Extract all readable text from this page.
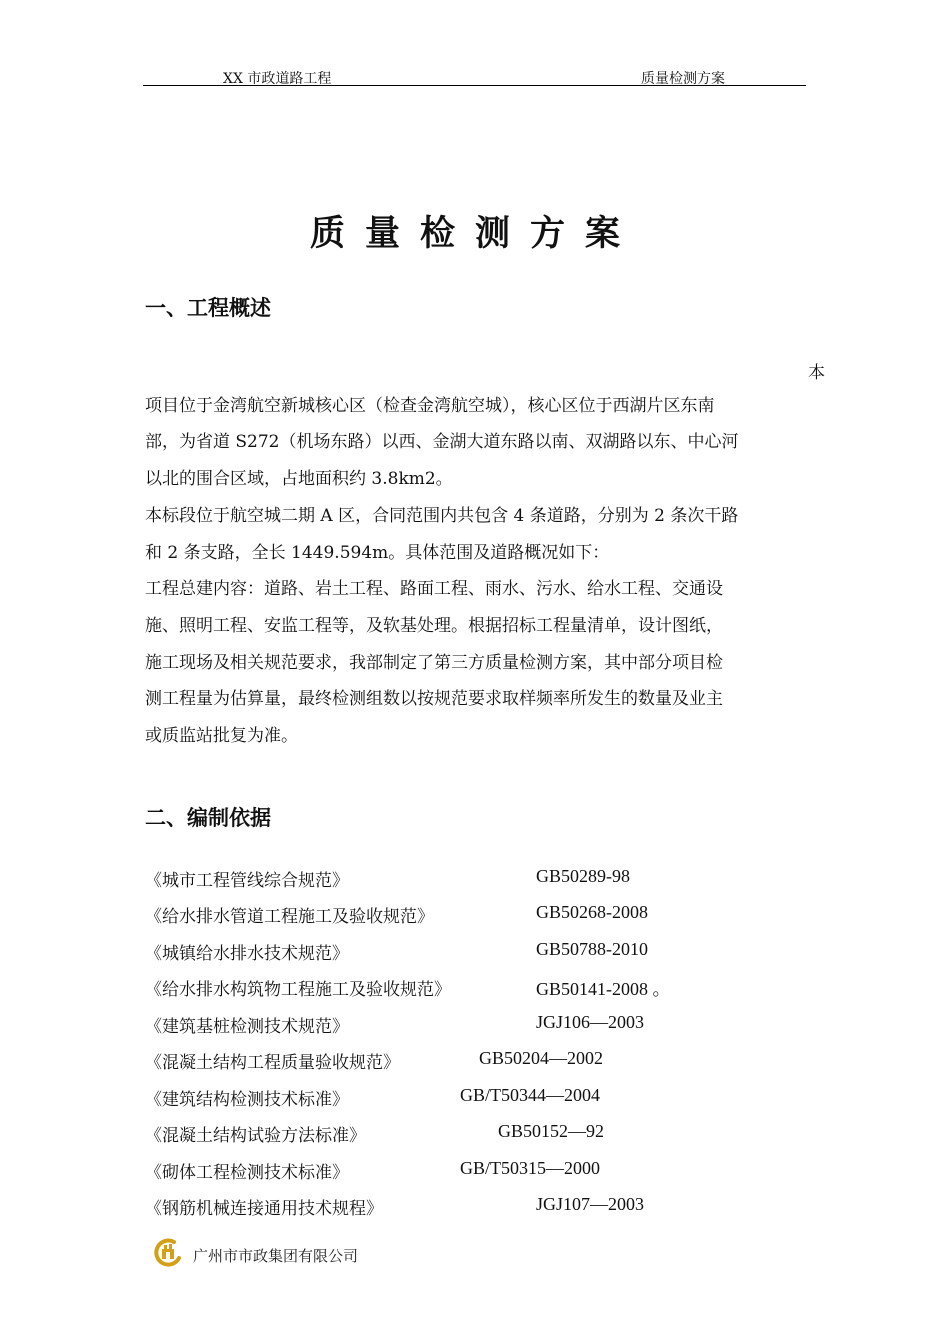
XX 市政道路工程	质量检测方案
质量检测方案
一、工程概述
本
项目位于金湾航空新城核心区（检查金湾航空城），核心区位于西湖片区东南
部，为省道 S272（机场东路）以西、金湖大道东路以南、双湖路以东、中心河
以北的围合区域，占地面积约 3.8km2。
本标段位于航空城二期 A 区，合同范围内共包含 4 条道路，分别为 2 条次干路
和 2 条支路，全长 1449.594m。具体范围及道路概况如下：
工程总建内容：道路、岩土工程、路面工程、雨水、污水、给水工程、交通设
施、照明工程、安监工程等，及软基处理。根据招标工程量清单，设计图纸，
施工现场及相关规范要求，我部制定了第三方质量检测方案，其中部分项目检
测工程量为估算量，最终检测组数以按规范要求取样频率所发生的数量及业主
或质监站批复为准。
二、编制依据
《城市工程管线综合规范》	GB50289-98
《给水排水管道工程施工及验收规范》	GB50268-2008
《城镇给水排水技术规范》	GB50788-2010
《给水排水构筑物工程施工及验收规范》	GB50141-2008 。
《建筑基桩检测技术规范》	JGJ106—2003
《混凝土结构工程质量验收规范》	GB50204—2002
《建筑结构检测技术标准》	GB/T50344—2004
《混凝土结构试验方法标准》	GB50152—92
《砌体工程检测技术标准》	GB/T50315—2000
《钢筋机械连接通用技术规程》	JGJ107—2003
广州市市政集团有限公司
